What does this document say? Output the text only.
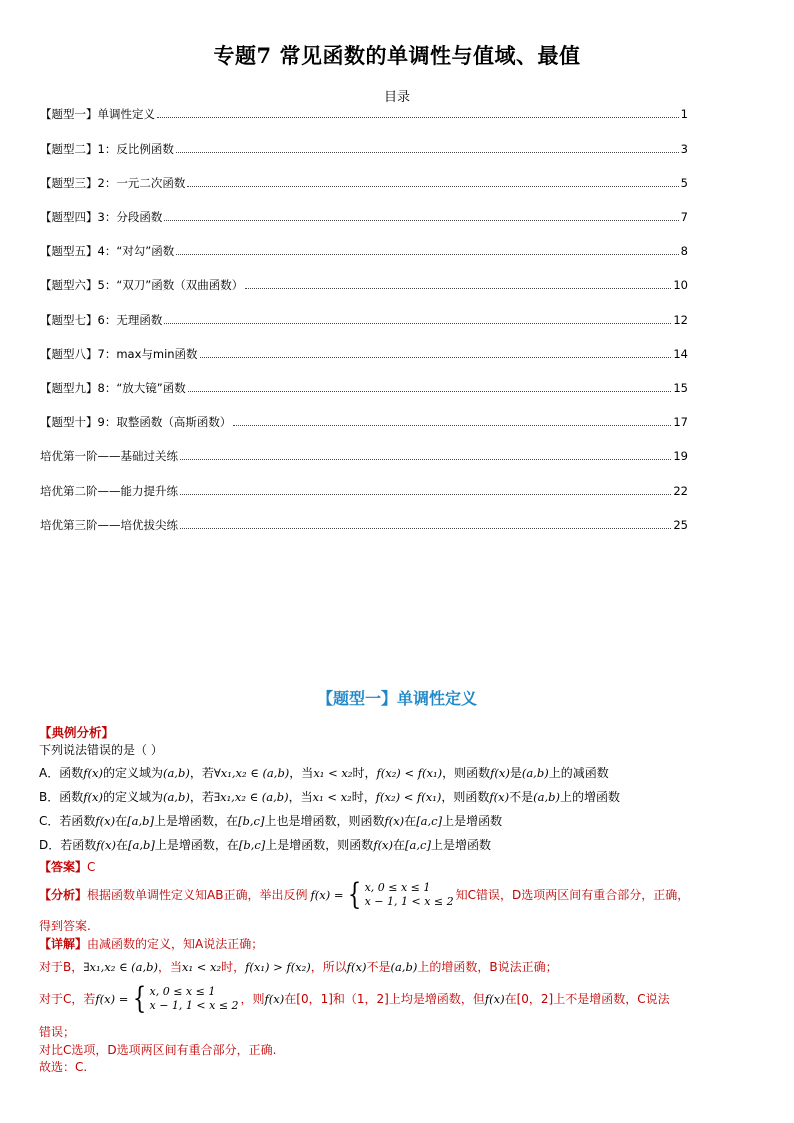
专题7 常见函数的单调性与值域、最值
目录
【题型一】单调性定义	1
【题型二】1：反比例函数	3
【题型三】2：一元二次函数	5
【题型四】3：分段函数	7
【题型五】4：“对勾”函数	8
【题型六】5：“双刀”函数（双曲函数）	10
【题型七】6：无理函数	12
【题型八】7：max与min函数	14
【题型九】8：“放大镜”函数	15
【题型十】9：取整函数（高斯函数）	17
培优第一阶——基础过关练	19
培优第二阶——能力提升练	22
培优第三阶——培优拔尖练	25
【题型一】单调性定义
【典例分析】
下列说法错误的是（ ）
A．函数f(x)的定义域为(a,b)，若∀x₁,x₂ ∈ (a,b)，当x₁ < x₂时，f(x₂) < f(x₁)，则函数f(x)是(a,b)上的减函数
B．函数f(x)的定义域为(a,b)，若∃x₁,x₂ ∈ (a,b)，当x₁ < x₂时，f(x₂) < f(x₁)，则函数f(x)不是(a,b)上的增函数
C．若函数f(x)在[a,b]上是增函数，在[b,c]上也是增函数，则函数f(x)在[a,c]上是增函数
D．若函数f(x)在[a,b]上是增函数，在[b,c]上是增函数，则函数f(x)在[a,c]上是增函数
【答案】C
【分析】 根据函数单调性定义知AB正确，举出反例 f(x) = { x, 0 ≤ x ≤ 1
x − 1, 1 < x ≤ 2 知C错误，D选项两区间有重合部分，正确，
得到答案.
【详解】由减函数的定义，知A说法正确；
对于B，∃x₁,x₂ ∈ (a,b)，当x₁ < x₂时，f(x₁) > f(x₂)，所以f(x)不是(a,b)上的增函数，B说法正确；
对于C，若 f(x) = { x, 0 ≤ x ≤ 1
x − 1, 1 < x ≤ 2 ，则 f(x) 在[0，1]和（1，2]上均是增函数，但 f(x) 在[0，2]上不是增函数，C说法
错误；
对比C选项，D选项两区间有重合部分，正确.
故选：C.
